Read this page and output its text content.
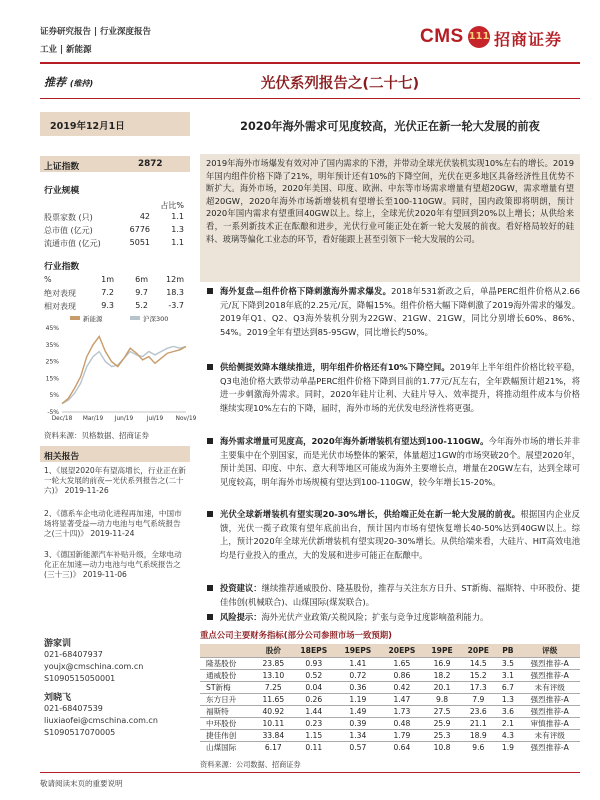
证券研究报告 | 行业深度报告
工业 | 新能源
CMS 111 招商证券
推荐 (维持)	光伏系列报告之(二十七)
2019年12月1日	2020年海外需求可见度较高，光伏正在新一轮大发展的前夜
上证指数	2872
行业规模
占比%
股票家数 (只)	42	1.1
总市值 (亿元)	6776	1.3
流通市值 (亿元)	5051	1.1
行业指数
%	1m	6m 12m
绝对表现	7.2	9.7 18.3
相对表现	9.3	5.2	-3.7
新能源	沪深300
45%
35%
25%
15%
5%
-5%
Dec/18 Mar/19 Jun/19 Jul/19 Nov/19
资料来源：贝格数据、招商证券
相关报告
1、《展望2020年有望高增长，行业正在新一轮大发展的前夜—光伏系列报告之(二十六)》 2019-11-26
2、《德系车企电动化进程再加速，中国市场将显著受益—动力电池与电气系统报告之(三十四)》 2019-11-24
3、《德国新能源汽车补贴升级，全球电动化正在加速—动力电池与电气系统报告之(三十三)》 2019-11-06
游家训
021-68407937
youjx@cmschina.com.cn
S1090515050001
刘晓飞
021-68407539
liuxiaofei@cmschina.com.cn
S1090517070005
2019年海外市场爆发有效对冲了国内需求的下滑，并带动全球光伏装机实现10%左右的增长。2019年国内组件价格下降了21%，明年预计还有10%的下降空间，光伏在更多地区具备经济性且优势不断扩大。海外市场，2020年美国、印度、欧洲、中东等市场需求增量有望超20GW，需求增量有望超20GW，2020年海外市场新增装机有望增长至100-110GW。同时，国内政策即将明朗，预计2020年国内需求有望重回40GW以上。综上，全球光伏2020年有望回到20%以上增长；从供给来看，一系列新技术正在酝酿和进步，光伏行业可能正处在新一轮大发展的前夜。看好格局较好的硅料、玻璃等偏化工业态的环节，看好能跟上甚至引领下一轮大发展的公司。
海外复盘—组件价格下降刺激海外需求爆发。2018年531新政之后，单晶PERC组件价格从2.66元/瓦下降到2018年底的2.25元/瓦，降幅15%。组件价格大幅下降刺激了2019海外需求的爆发。2019年Q1、Q2、Q3海外装机分别为22GW、21GW、21GW，同比分别增长60%、86%、54%。2019全年有望达到85-95GW，同比增长约50%。
供给侧提效降本继续推进，明年组件价格还有10%下降空间。2019年上半年组件价格比较平稳，Q3电池价格大跌带动单晶PERC组件价格下降到目前的1.77元/瓦左右，全年跌幅预计超21%，将进一步刺激海外需求。同时，2020年硅片让利、大硅片导入、效率提升，将推动组件成本与价格继续实现10%左右的下降，届时，海外市场的光伏发电经济性将更强。
海外需求增量可见度高，2020年海外新增装机有望达到100-110GW。今年海外市场的增长并非主要集中在个别国家，而是光伏市场整体的繁荣，体量超过1GW的市场突破20个。展望2020年，预计美国、印度、中东、意大利等地区可能成为海外主要增长点，增量在20GW左右，达到全球可见度较高，明年海外市场规模有望达到100-110GW，较今年增长15-20%。
光伏全球新增装机有望实现20-30%增长，供给端正处在新一轮大发展的前夜。根据国内企业反馈，光伏一揽子政策有望年底前出台，预计国内市场有望恢复增长40-50%达到40GW以上。综上，预计2020年全球光伏新增装机有望实现20-30%增长。从供给端来看，大硅片、HIT高效电池均是行业投入的重点，大的发展和进步可能正在酝酿中。
投资建议：继续推荐通威股份、隆基股份，推荐与关注东方日升、ST新梅、福斯特、中环股份、捷佳伟创(机械联合)、山煤国际(煤炭联合)。
风险提示：海外光伏产业政策/关税风险；扩张与竞争过度影响盈利能力。
重点公司主要财务指标(部分公司参照市场一致预期)
	股价	18EPS	19EPS	20EPS	19PE	20PE	PB	评级
隆基股份	23.85	0.93	1.41	1.65	16.9	14.5	3.5	强烈推荐-A
通威股份	13.10	0.52	0.72	0.86	18.2	15.2	3.1	强烈推荐-A
ST新梅	7.25	0.04	0.36	0.42	20.1	17.3	6.7	未有评级
东方日升	11.65	0.26	1.19	1.47	9.8	7.9	1.3	强烈推荐-A
福斯特	40.92	1.44	1.49	1.73	27.5	23.6	3.6	强烈推荐-A
中环股份	10.11	0.23	0.39	0.48	25.9	21.1	2.1	审慎推荐-A
捷佳伟创	33.84	1.15	1.34	1.79	25.3	18.9	4.3	未有评级
山煤国际	6.17	0.11	0.57	0.64	10.8	9.6	1.9	强烈推荐-A
资料来源：公司数据、招商证券
敬请阅读末页的重要说明
